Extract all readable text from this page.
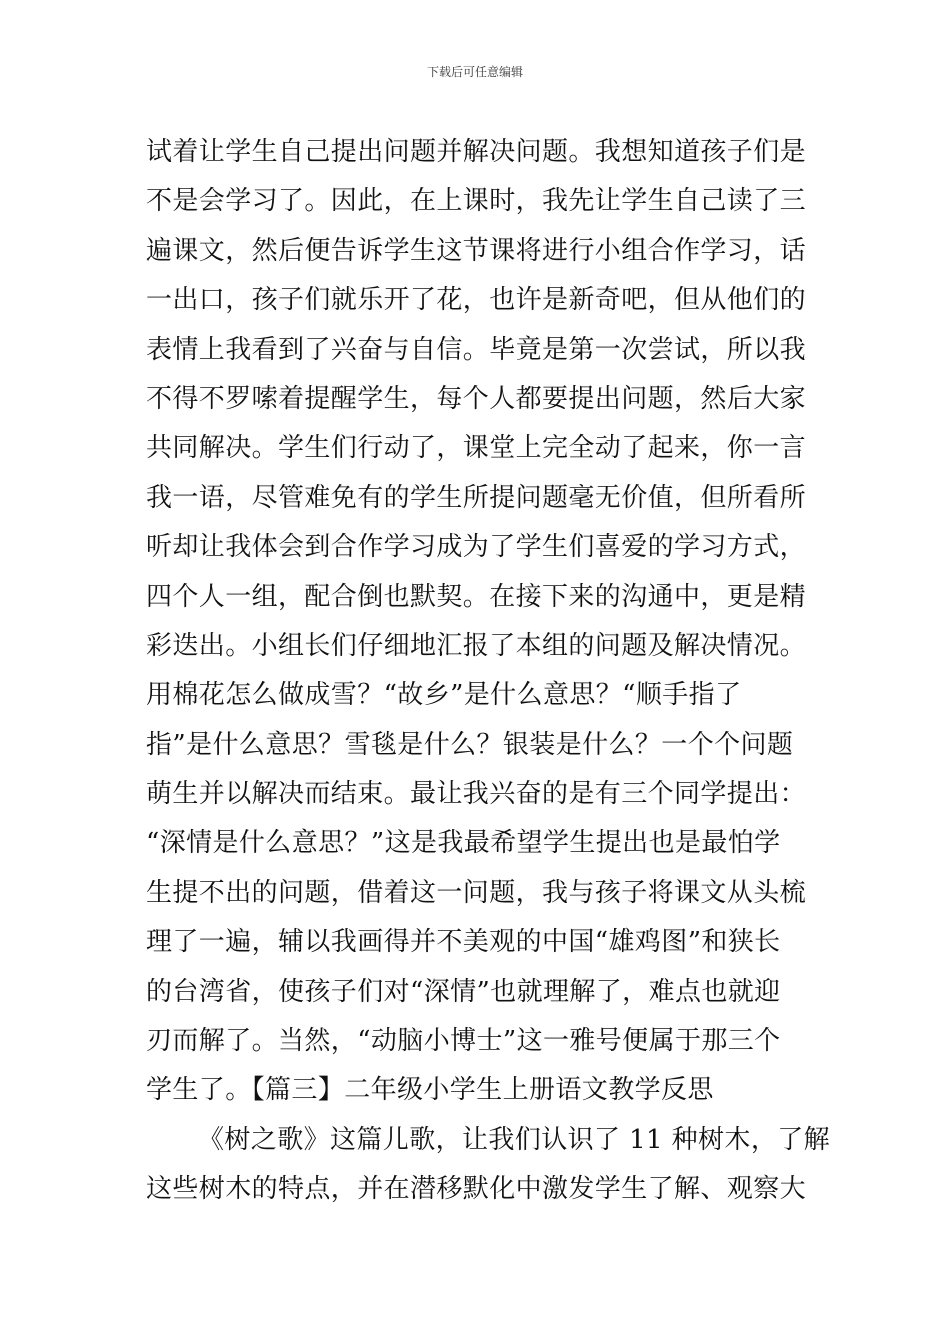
下载后可任意编辑
试着让学生自己提出问题并解决问题。我想知道孩子们是
不是会学习了。因此，在上课时，我先让学生自己读了三
遍课文，然后便告诉学生这节课将进行小组合作学习，话
一出口，孩子们就乐开了花，也许是新奇吧，但从他们的
表情上我看到了兴奋与自信。毕竟是第一次尝试，所以我
不得不罗嗦着提醒学生，每个人都要提出问题，然后大家
共同解决。学生们行动了，课堂上完全动了起来，你一言
我一语，尽管难免有的学生所提问题毫无价值，但所看所
听却让我体会到合作学习成为了学生们喜爱的学习方式，
四个人一组，配合倒也默契。在接下来的沟通中，更是精
彩迭出。小组长们仔细地汇报了本组的问题及解决情况。
用棉花怎么做成雪？“故乡”是什么意思？“顺手指了
指”是什么意思？雪毯是什么？银装是什么？一个个问题
萌生并以解决而结束。最让我兴奋的是有三个同学提出：
“深情是什么意思？”这是我最希望学生提出也是最怕学
生提不出的问题，借着这一问题，我与孩子将课文从头梳
理了一遍，辅以我画得并不美观的中国“雄鸡图”和狭长
的台湾省，使孩子们对“深情”也就理解了，难点也就迎
刃而解了。当然，“动脑小博士”这一雅号便属于那三个
学生了。【篇三】二年级小学生上册语文教学反思
《树之歌》这篇儿歌，让我们认识了 11 种树木，了解
这些树木的特点，并在潜移默化中激发学生了解、观察大
